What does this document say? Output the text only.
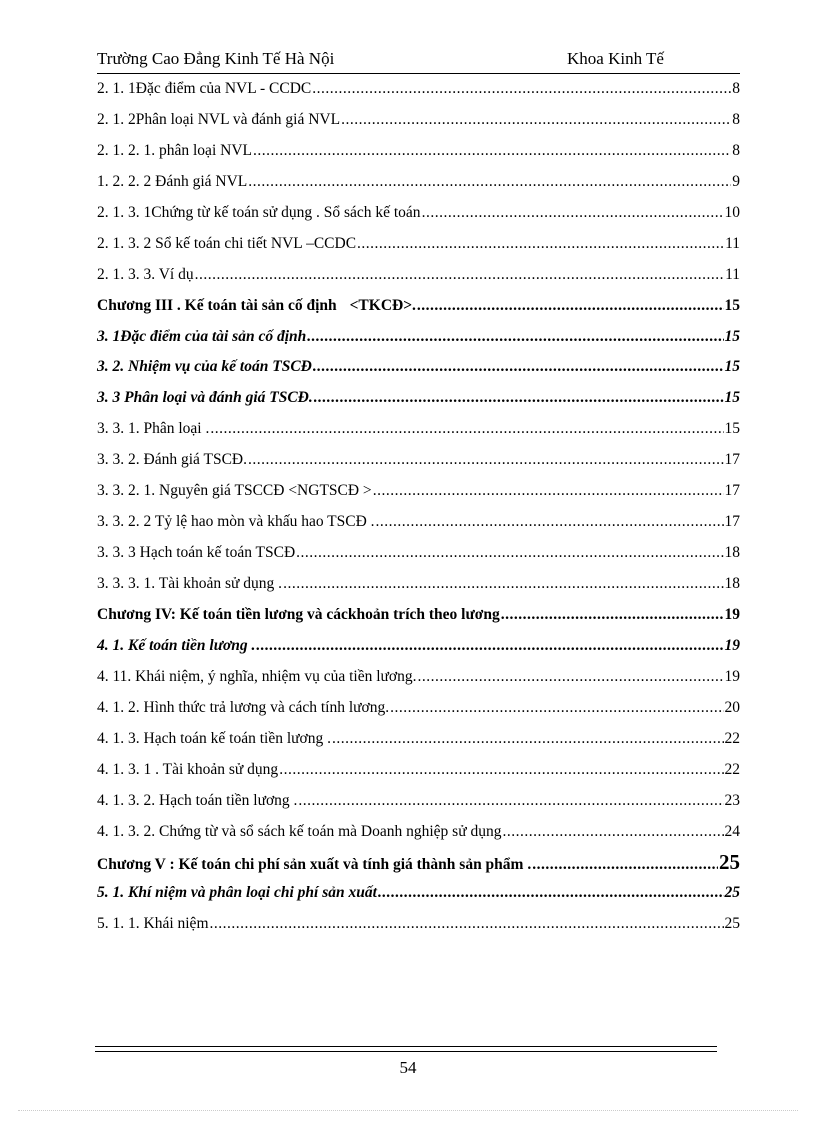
Trường Cao Đẳng Kinh Tế Hà Nội	Khoa Kinh Tế
2. 1. 1Đặc điểm của NVL - CCDC .....	8
2. 1. 2Phân loại NVL và đánh giá NVL .....	8
2. 1. 2. 1. phân loại NVL .....	8
1. 2. 2. 2 Đánh giá NVL .....	9
2. 1. 3. 1Chứng từ kế toán sử dụng . Sổ sách kế toán .....	10
2. 1. 3. 2 Sổ kế toán chi tiết NVL –CCDC .....	11
2. 1. 3. 3. Ví dụ .....	11
Chương III . Kế toán tài sản cố định <TKCĐ>. .....	15
3. 1Đặc điểm của tài sản cố định .....	15
3. 2. Nhiệm vụ của kế toán TSCĐ .....	15
3. 3 Phân loại và đánh giá TSCĐ. .....	15
3. 3. 1. Phân loại . .....	15
3. 3. 2. Đánh giá TSCĐ. .....	17
3. 3. 2. 1. Nguyên giá TSCCĐ <NGTSCĐ > .....	17
3. 3. 2. 2 Tỷ lệ hao mòn và khấu hao TSCĐ . .....	17
3. 3. 3 Hạch toán kế toán TSCĐ .....	18
3. 3. 3. 1. Tài khoản sử dụng . .....	18
Chương IV: Kế toán tiền lương và cáckhoản trích theo lương .....	19
4. 1. Kế toán tiền lương . .....	19
4. 11. Khái niệm, ý nghĩa, nhiệm vụ của tiền lương. .....	19
4. 1. 2. Hình thức trả lương và cách tính lương. .....	20
4. 1. 3. Hạch toán kế toán tiền lương . .....	22
4. 1. 3. 1 . Tài khoản sử dụng .....	22
4. 1. 3. 2. Hạch toán tiền lương . .....	23
4. 1. 3. 2. Chứng từ và sổ sách kế toán mà Doanh nghiệp sử dụng .....	24
Chương V : Kế toán chi phí sản xuất và tính giá thành sản phẩm . .....	25
5. 1. Khí niệm và phân loại chi phí sản xuất .....	25
5. 1. 1. Khái niệm .....	25
54
